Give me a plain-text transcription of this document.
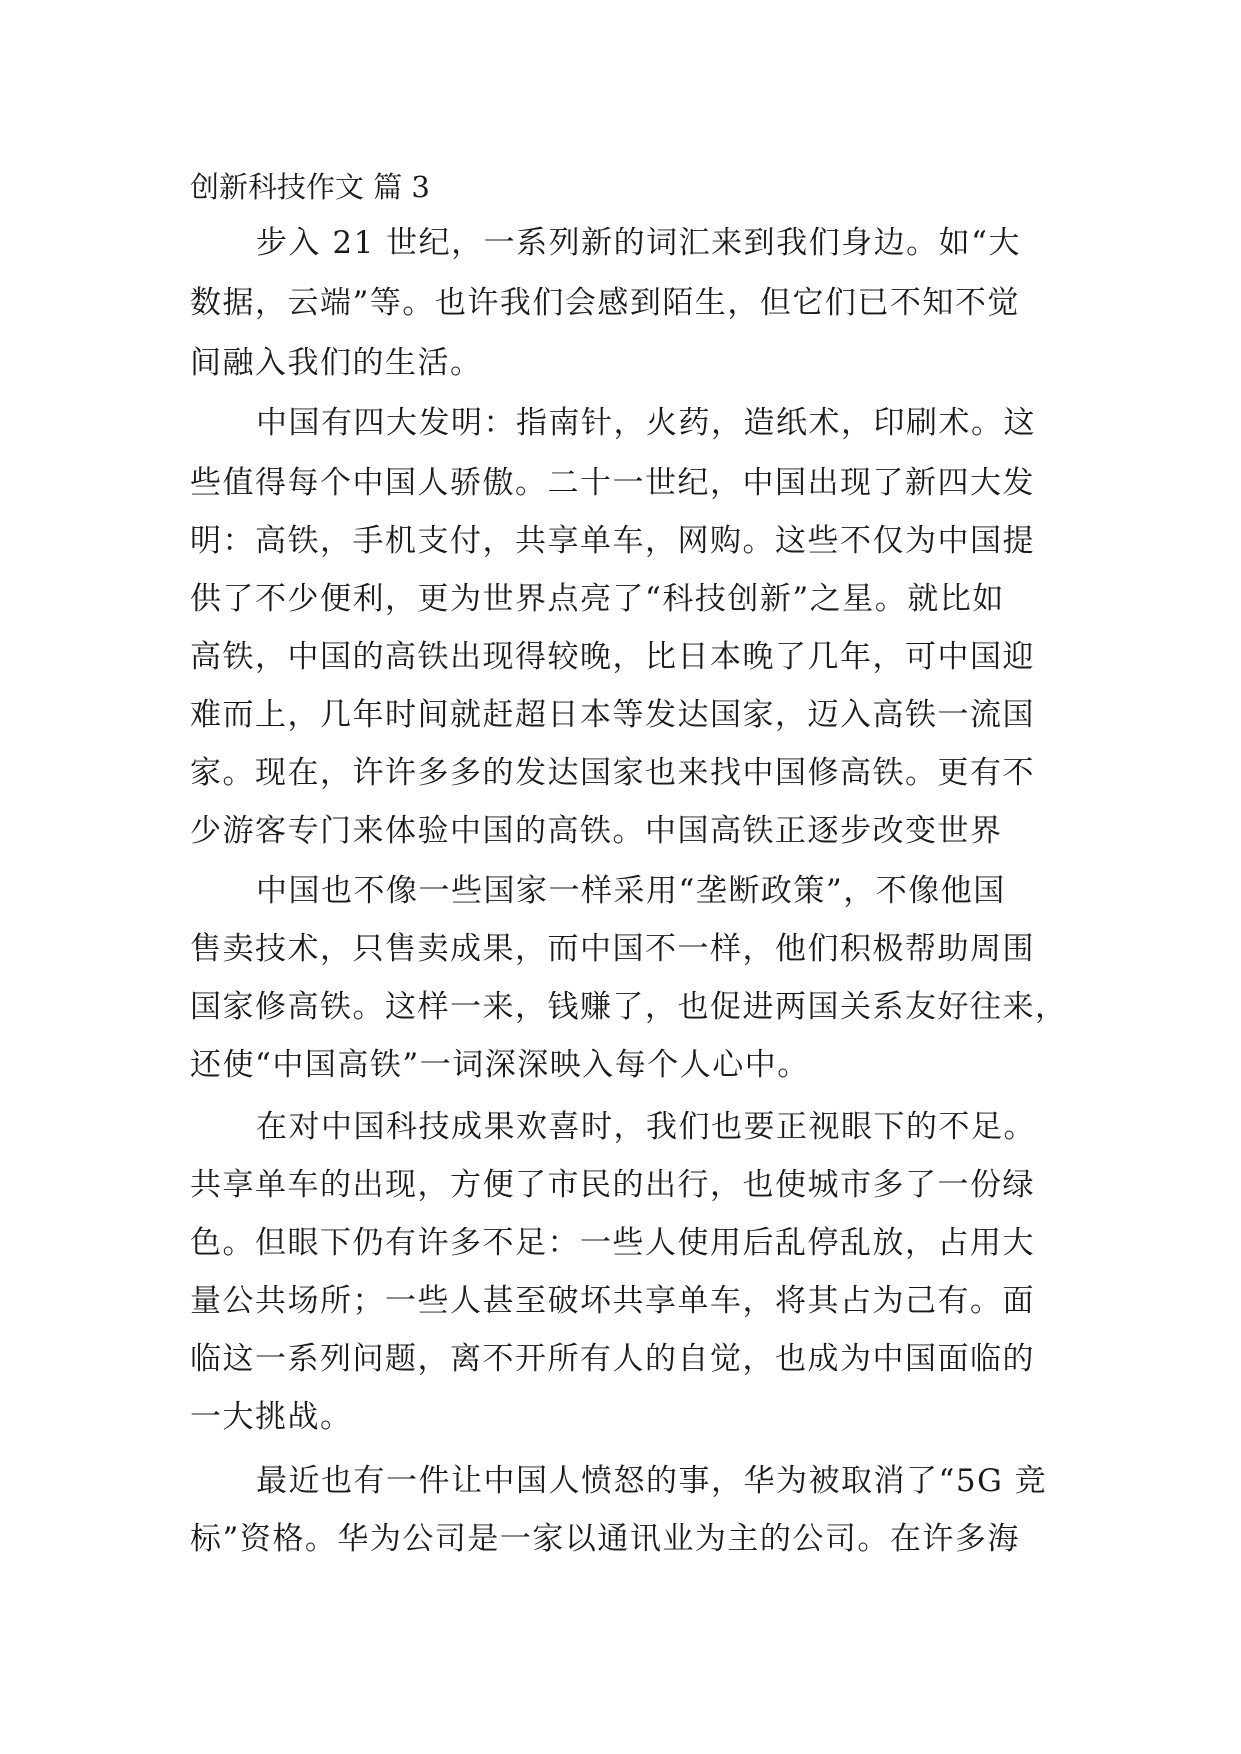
创新科技作文 篇 3

步入 21 世纪，一系列新的词汇来到我们身边。如“大

数据，云端”等。也许我们会感到陌生，但它们已不知不觉

间融入我们的生活。

中国有四大发明：指南针，火药，造纸术，印刷术。这

些值得每个中国人骄傲。二十一世纪，中国出现了新四大发

明：高铁，手机支付，共享单车，网购。这些不仅为中国提

供了不少便利，更为世界点亮了“科技创新”之星。就比如

高铁，中国的高铁出现得较晚，比日本晚了几年，可中国迎

难而上，几年时间就赶超日本等发达国家，迈入高铁一流国

家。现在，许许多多的发达国家也来找中国修高铁。更有不

少游客专门来体验中国的高铁。中国高铁正逐步改变世界

中国也不像一些国家一样采用“垄断政策”，不像他国

售卖技术，只售卖成果，而中国不一样，他们积极帮助周围

国家修高铁。这样一来，钱赚了，也促进两国关系友好往来，

还使“中国高铁”一词深深映入每个人心中。

在对中国科技成果欢喜时，我们也要正视眼下的不足。

共享单车的出现，方便了市民的出行，也使城市多了一份绿

色。但眼下仍有许多不足：一些人使用后乱停乱放，占用大

量公共场所；一些人甚至破坏共享单车，将其占为己有。面

临这一系列问题，离不开所有人的自觉，也成为中国面临的

一大挑战。

最近也有一件让中国人愤怒的事，华为被取消了“5G 竞

标”资格。华为公司是一家以通讯业为主的公司。在许多海
